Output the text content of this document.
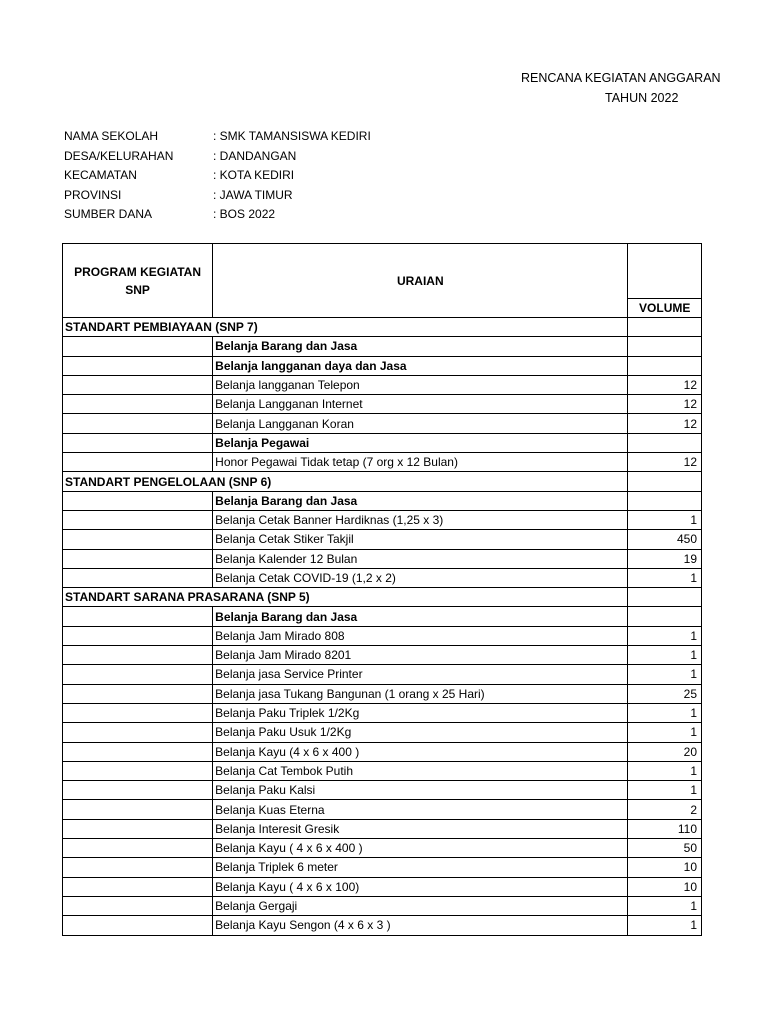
RENCANA KEGIATAN ANGGARAN
TAHUN 2022
NAMA SEKOLAH	: SMK TAMANSISWA KEDIRI
DESA/KELURAHAN	: DANDANGAN
KECAMATAN	: KOTA KEDIRI
PROVINSI	: JAWA TIMUR
SUMBER DANA	: BOS 2022
PROGRAM KEGIATAN SNP	URAIAN	
		VOLUME
STANDART PEMBIAYAAN (SNP 7)		
	Belanja Barang dan Jasa	
	Belanja langganan daya dan Jasa	
	Belanja langganan Telepon	12
	Belanja Langganan Internet	12
	Belanja Langganan Koran	12
	Belanja Pegawai	
	Honor Pegawai Tidak tetap (7 org x 12 Bulan)	12
STANDART PENGELOLAAN (SNP 6)		
	Belanja Barang dan Jasa	
	Belanja Cetak Banner Hardiknas (1,25 x 3)	1
	Belanja Cetak Stiker Takjil	450
	Belanja Kalender 12 Bulan	19
	Belanja Cetak COVID-19 (1,2 x 2)	1
STANDART SARANA PRASARANA (SNP 5)		
	Belanja Barang dan Jasa	
	Belanja Jam Mirado 808	1
	Belanja Jam Mirado 8201	1
	Belanja jasa Service Printer	1
	Belanja jasa Tukang Bangunan (1 orang x 25 Hari)	25
	Belanja Paku Triplek 1/2Kg	1
	Belanja Paku Usuk 1/2Kg	1
	Belanja Kayu (4 x 6 x 400 )	20
	Belanja Cat Tembok Putih	1
	Belanja Paku Kalsi	1
	Belanja Kuas Eterna	2
	Belanja Interesit Gresik	110
	Belanja Kayu ( 4 x 6 x 400 )	50
	Belanja Triplek 6 meter	10
	Belanja Kayu ( 4 x 6 x 100)	10
	Belanja Gergaji	1
	Belanja Kayu Sengon (4 x 6 x 3 )	1
